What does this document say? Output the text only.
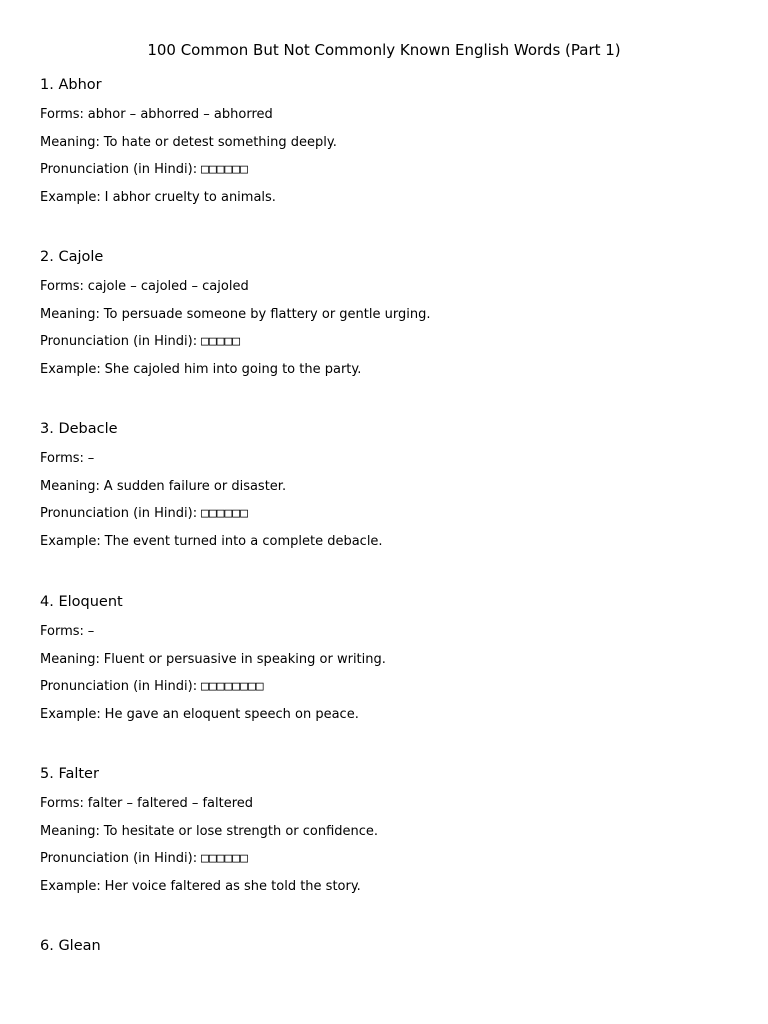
100 Common But Not Commonly Known English Words (Part 1)
1. Abhor
Forms: abhor – abhorred – abhorred
Meaning: To hate or detest something deeply.
Pronunciation (in Hindi): □□□□□□
Example: I abhor cruelty to animals.
2. Cajole
Forms: cajole – cajoled – cajoled
Meaning: To persuade someone by flattery or gentle urging.
Pronunciation (in Hindi): □□□□□
Example: She cajoled him into going to the party.
3. Debacle
Forms: –
Meaning: A sudden failure or disaster.
Pronunciation (in Hindi): □□□□□□
Example: The event turned into a complete debacle.
4. Eloquent
Forms: –
Meaning: Fluent or persuasive in speaking or writing.
Pronunciation (in Hindi): □□□□□□□□
Example: He gave an eloquent speech on peace.
5. Falter
Forms: falter – faltered – faltered
Meaning: To hesitate or lose strength or confidence.
Pronunciation (in Hindi): □□□□□□
Example: Her voice faltered as she told the story.
6. Glean
